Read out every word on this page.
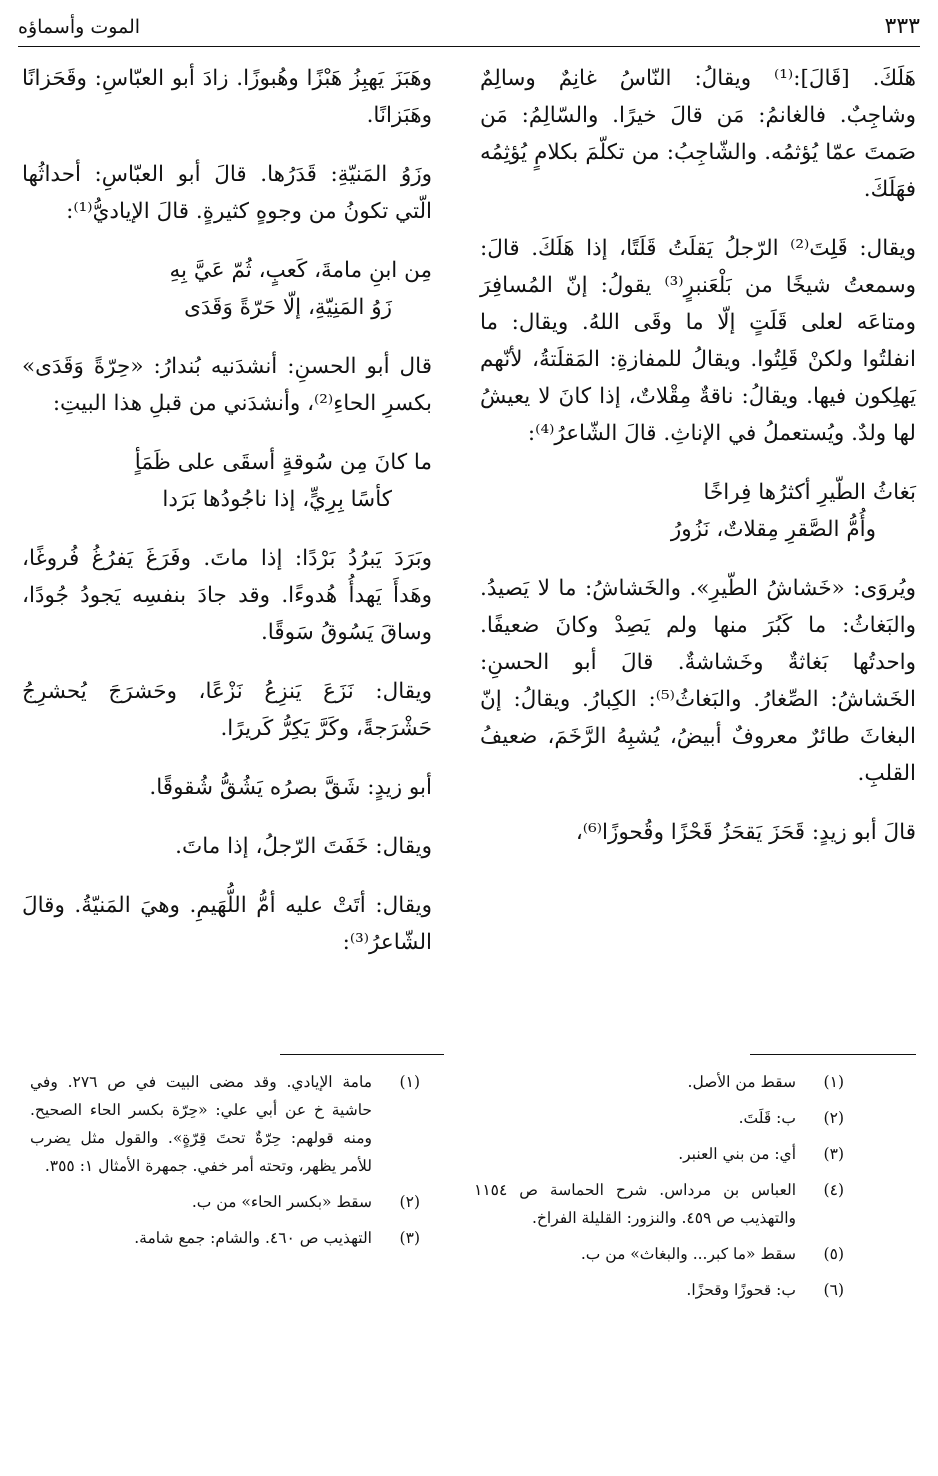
٣٣٣
الموت وأسماؤه

هَلَكَ. [قَالَ]:⁽¹⁾ ويقالُ: النّاسُ غانِمٌ وسالِمٌ وشاجِبٌ. فالغانمُ: مَن قالَ خيرًا. والسّالِمُ: مَن صَمتَ عمّا يُؤثمُه. والشّاجِبُ: من تكلّمَ بكلامٍ يُؤثِمُه فهَلَكَ.

ويقال: قَلِتَ⁽²⁾ الرّجلُ يَقلَتُ قَلَتًا، إذا هَلَكَ. قالَ: وسمعتُ شيخًا من بَلْعَنبرٍ⁽³⁾ يقولُ: إنّ المُسافِرَ ومتاعَه لعلى قَلَتٍ إلّا ما وقَى اللهُ. ويقال: ما انفلتُوا ولكنْ قَلِتُوا. ويقالُ للمفازةِ: المَقلَتةُ، لأنّهم يَهلِكون فيها. ويقالُ: ناقةٌ مِقْلاتٌ، إذا كانَ لا يعيشُ لها ولدٌ. ويُستعملُ في الإناثِ. قالَ الشّاعرُ⁽⁴⁾:

بَغاثُ الطّيرِ أكثرُها فِراخًا
وأُمُّ الصَّقرِ مِقلاتٌ، نَزُورُ

ويُروَى: «خَشاشُ الطّيرِ». والخَشاشُ: ما لا يَصيدُ. والبَغاثُ: ما كَبُرَ منها ولم يَصِدْ وكانَ ضعيفًا. واحدتُها بَغاثةٌ وخَشاشةٌ. قالَ أبو الحسنِ: الخَشاشُ: الصِّغارُ. والبَغاثُ⁽⁵⁾: الكِبارُ. ويقالُ: إنّ البغاثَ طائرٌ معروفٌ أبيضُ، يُشبِهُ الرَّخَمَ، ضعيفُ القلبِ.

قالَ أبو زيدٍ: قَحَزَ يَقحَزُ قَحْزًا وقُحوزًا⁽⁶⁾،

وهَبَزَ يَهبِزُ هَبْزًا وهُبوزًا. زادَ أبو العبّاسِ: وقَحَزانًا وهَبَزانًا.

وزَوُ المَنيّةِ: قَدَرُها. قالَ أبو العبّاسِ: أحداثُها الّتي تكونُ من وجوهٍ كثيرةٍ. قالَ الإياديُّ⁽¹⁾:

مِن ابنِ مامةَ، كَعبٍ، ثُمّ عَيَّ بِهِ
زَوُ المَنِيّةِ، إلّا حَرّةً وَقَدَى

قال أبو الحسنِ: أنشدَنيه بُندارُ: «حِرّةً وَقَدَى» بكسرِ الحاءِ⁽²⁾، وأنشدَني من قبلِ هذا البيتِ:

ما كانَ مِن سُوقةٍ أسقَى على ظَمَأٍ
كأسًا بِرِيٍّ، إذا ناجُودُها بَرَدا

وبَرَدَ يَبرُدُ بَرْدًا: إذا ماتَ. وفَرَغَ يَفرُغُ فُروغًا، وهَدأَ يَهدأُ هُدوءًا. وقد جادَ بنفسِه يَجودُ جُودًا، وساقَ يَسُوقُ سَوقًا.

ويقال: نَزَعَ يَنزِعُ نَزْعًا، وحَشرَجَ يُحشرِجُ حَشْرَجةً، وكَرَّ يَكِرُّ كَريرًا.

أبو زيدٍ: شَقَّ بصرُه يَشُقُّ شُقوقًا.

ويقال: خَفَتَ الرّجلُ، إذا ماتَ.

ويقال: أتَتْ عليه أمُّ اللُّهَيمِ. وهيَ المَنيّةُ. وقالَ الشّاعرُ⁽³⁾:

(١)
سقط من الأصل.
(٢)
ب: قَلَتَ.
(٣)
أي: من بني العنبر.
(٤)
العباس بن مرداس. شرح الحماسة ص ١١٥٤ والتهذيب ص ٤٥٩. والنزور: القليلة الفراخ.
(٥)
سقط «ما كبر... والبغاث» من ب.
(٦)
ب: قحوزًا وقحزًا.
(١)
مامة الإيادي. وقد مضى البيت في ص ٢٧٦. وفي حاشية خ عن أبي علي: «حِرّة بكسر الحاء الصحيح. ومنه قولهم: حِرّةٌ تحتَ قِرّةٍ». والقول مثل يضرب للأمر يظهر، وتحته أمر خفي. جمهرة الأمثال ١: ٣٥٥.
(٢)
سقط «بكسر الحاء» من ب.
(٣)
التهذيب ص ٤٦٠. والشام: جمع شامة.
